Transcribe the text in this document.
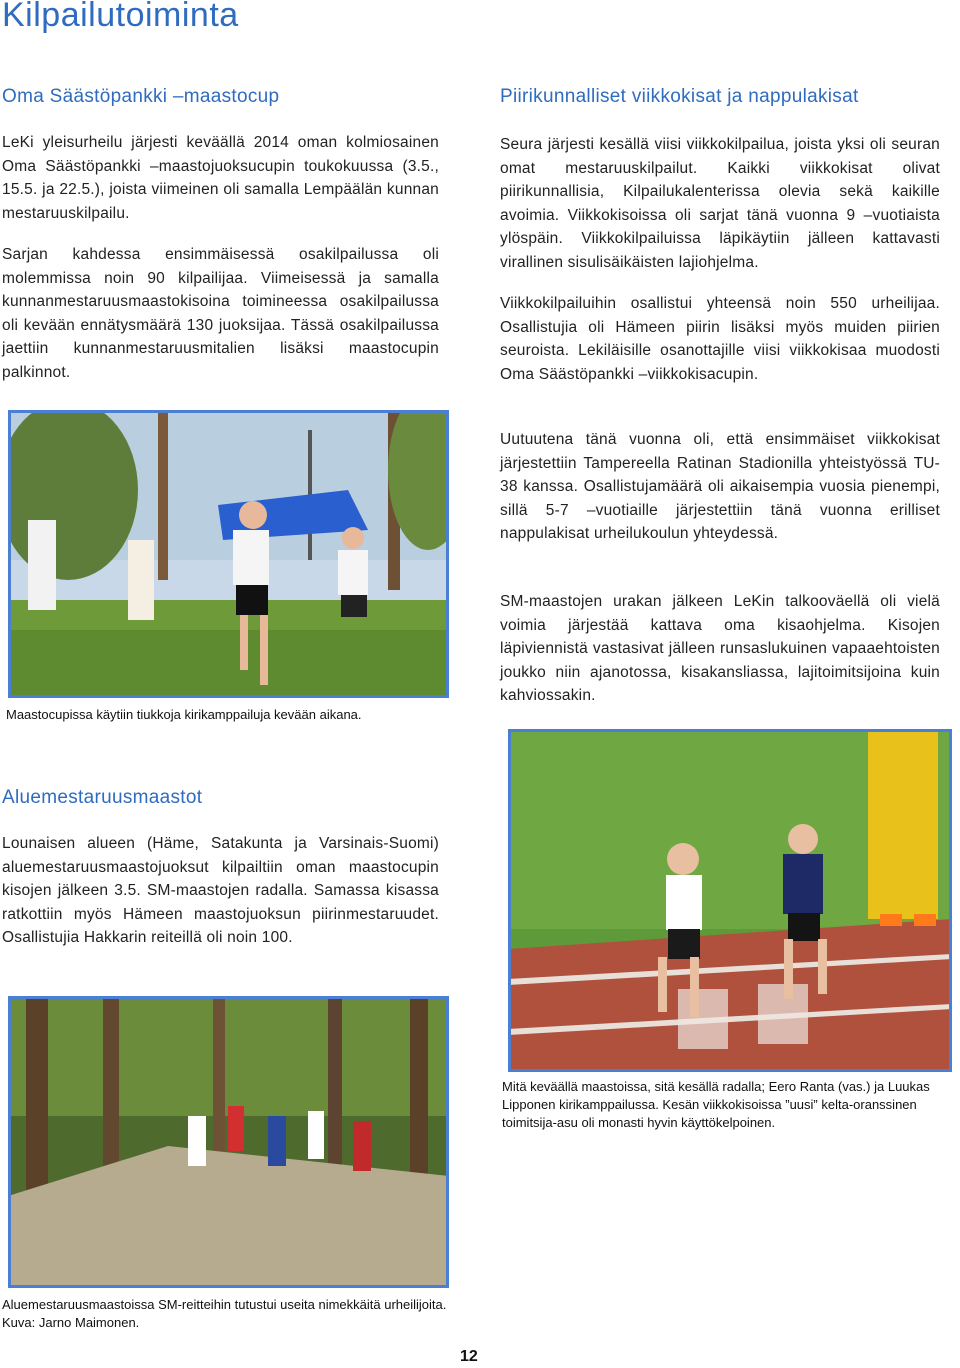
Kilpailutoiminta
Oma Säästöpankki –maastocup

LeKi yleisurheilu järjesti keväällä 2014 oman kolmiosainen Oma Säästöpankki –maastojuoksucupin toukokuussa (3.5., 15.5. ja 22.5.), joista viimeinen oli samalla Lempäälän kunnan mestaruuskilpailu.

Sarjan kahdessa ensimmäisessä osakilpailussa oli molemmissa noin 90 kilpailijaa. Viimeisessä ja samalla kunnanmestaruusmaastokisoina toimineessa osakilpailussa oli kevään ennätysmäärä 130 juoksijaa. Tässä osakilpailussa jaettiin kunnanmestaruusmitalien lisäksi maastocupin palkinnot.

Maastocupissa käytiin tiukkoja kirikamppailuja kevään aikana.

Aluemestaruusmaastot

Lounaisen alueen (Häme, Satakunta ja Varsinais-Suomi) aluemestaruusmaastojuoksut kilpailtiin oman maastocupin kisojen jälkeen 3.5. SM-maastojen radalla. Samassa kisassa ratkottiin myös Hämeen maastojuoksun piirinmestaruudet. Osallistujia Hakkarin reiteillä oli noin 100.

Aluemestaruusmaastoissa SM-reitteihin tutustui useita nimekkäitä urheilijoita. Kuva: Jarno Maimonen.

Piirikunnalliset viikkokisat ja nappulakisat

Seura järjesti kesällä viisi viikkokilpailua, joista yksi oli seuran omat mestaruuskilpailut. Kaikki viikkokisat olivat piirikunnallisia, Kilpailukalenterissa olevia sekä kaikille avoimia. Viikkokisoissa oli sarjat tänä vuonna 9 –vuotiaista ylöspäin. Viikkokilpailuissa läpikäytiin jälleen kattavasti virallinen sisulisäikäisten lajiohjelma.

Viikkokilpailuihin osallistui yhteensä noin 550 urheilijaa. Osallistujia oli Hämeen piirin lisäksi myös muiden piirien seuroista. Lekiläisille osanottajille viisi viikkokisaa muodosti Oma Säästöpankki –viikkokisacupin.

Uutuutena tänä vuonna oli, että ensimmäiset viikkokisat järjestettiin Tampereella Ratinan Stadionilla yhteistyössä TU-38 kanssa. Osallistujamäärä oli aikaisempia vuosia pienempi, sillä 5-7 –vuotiaille järjestettiin tänä vuonna erilliset nappulakisat urheilukoulun yhteydessä.

SM-maastojen urakan jälkeen LeKin talkooväellä oli vielä voimia järjestää kattava oma kisaohjelma. Kisojen läpiviennistä vastasivat jälleen runsaslukuinen vapaaehtoisten joukko niin ajanotossa, kisakansliassa, lajitoimitsijoina kuin kahviossakin.

Mitä keväällä maastoissa, sitä kesällä radalla; Eero Ranta (vas.) ja Luukas Lipponen kirikamppailussa. Kesän viikkokisoissa ”uusi” kelta-oranssinen toimitsija-asu oli monasti hyvin käyttökelpoinen.

12
